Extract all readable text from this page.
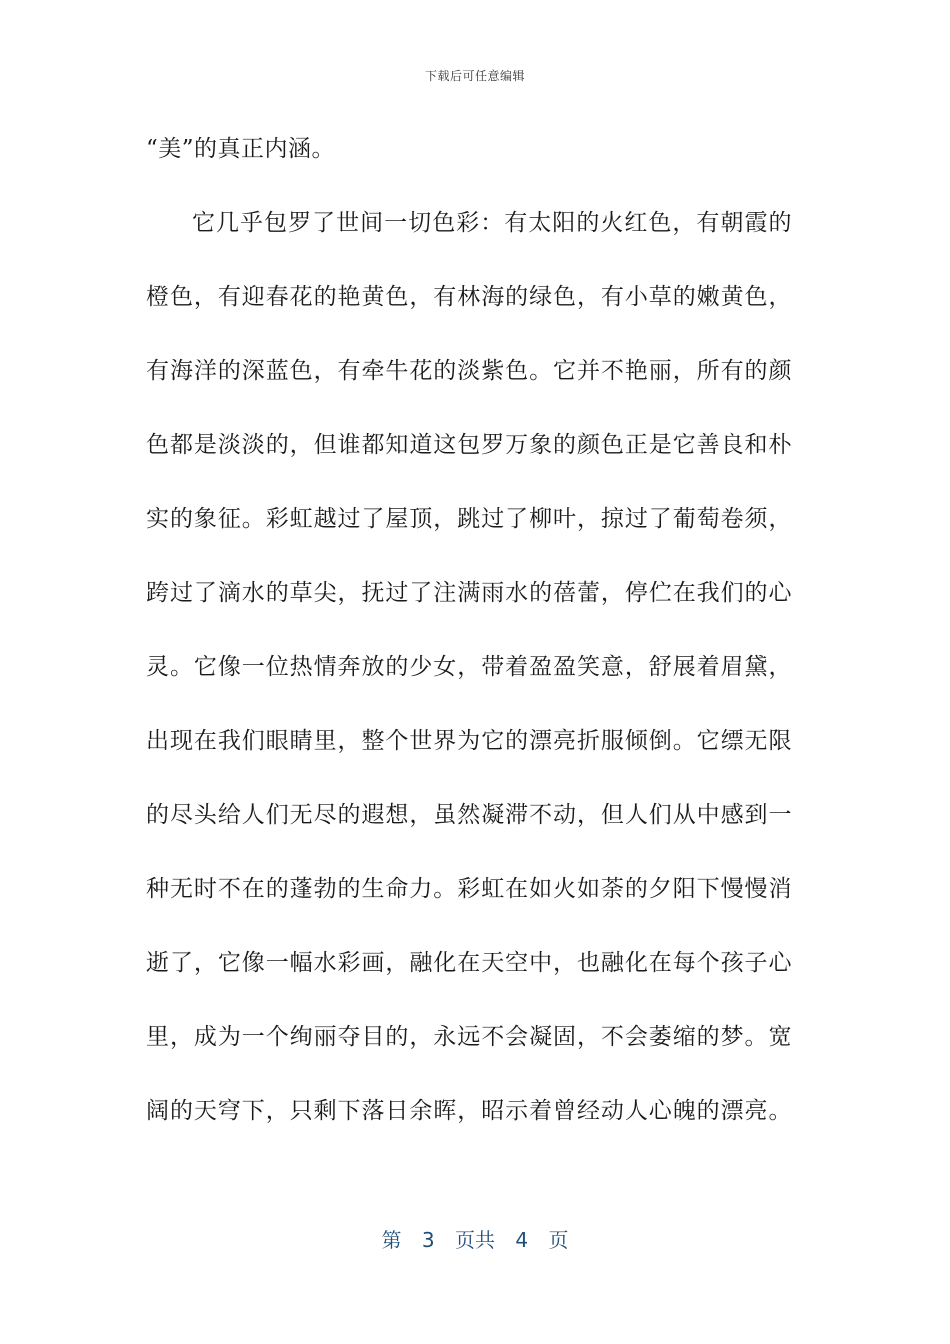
下载后可任意编辑
“美”的真正内涵。
它几乎包罗了世间一切色彩：有太阳的火红色，有朝霞的
橙色，有迎春花的艳黄色，有林海的绿色，有小草的嫩黄色，
有海洋的深蓝色，有牵牛花的淡紫色。它并不艳丽，所有的颜
色都是淡淡的，但谁都知道这包罗万象的颜色正是它善良和朴
实的象征。彩虹越过了屋顶，跳过了柳叶，掠过了葡萄卷须，
跨过了滴水的草尖，抚过了注满雨水的蓓蕾，停伫在我们的心
灵。它像一位热情奔放的少女，带着盈盈笑意，舒展着眉黛，
出现在我们眼睛里，整个世界为它的漂亮折服倾倒。它缥无限
的尽头给人们无尽的遐想，虽然凝滞不动，但人们从中感到一
种无时不在的蓬勃的生命力。彩虹在如火如荼的夕阳下慢慢消
逝了，它像一幅水彩画，融化在天空中，也融化在每个孩子心
里，成为一个绚丽夺目的，永远不会凝固，不会萎缩的梦。宽
阔的天穹下，只剩下落日余晖，昭示着曾经动人心魄的漂亮。
第 3 页共 4 页
